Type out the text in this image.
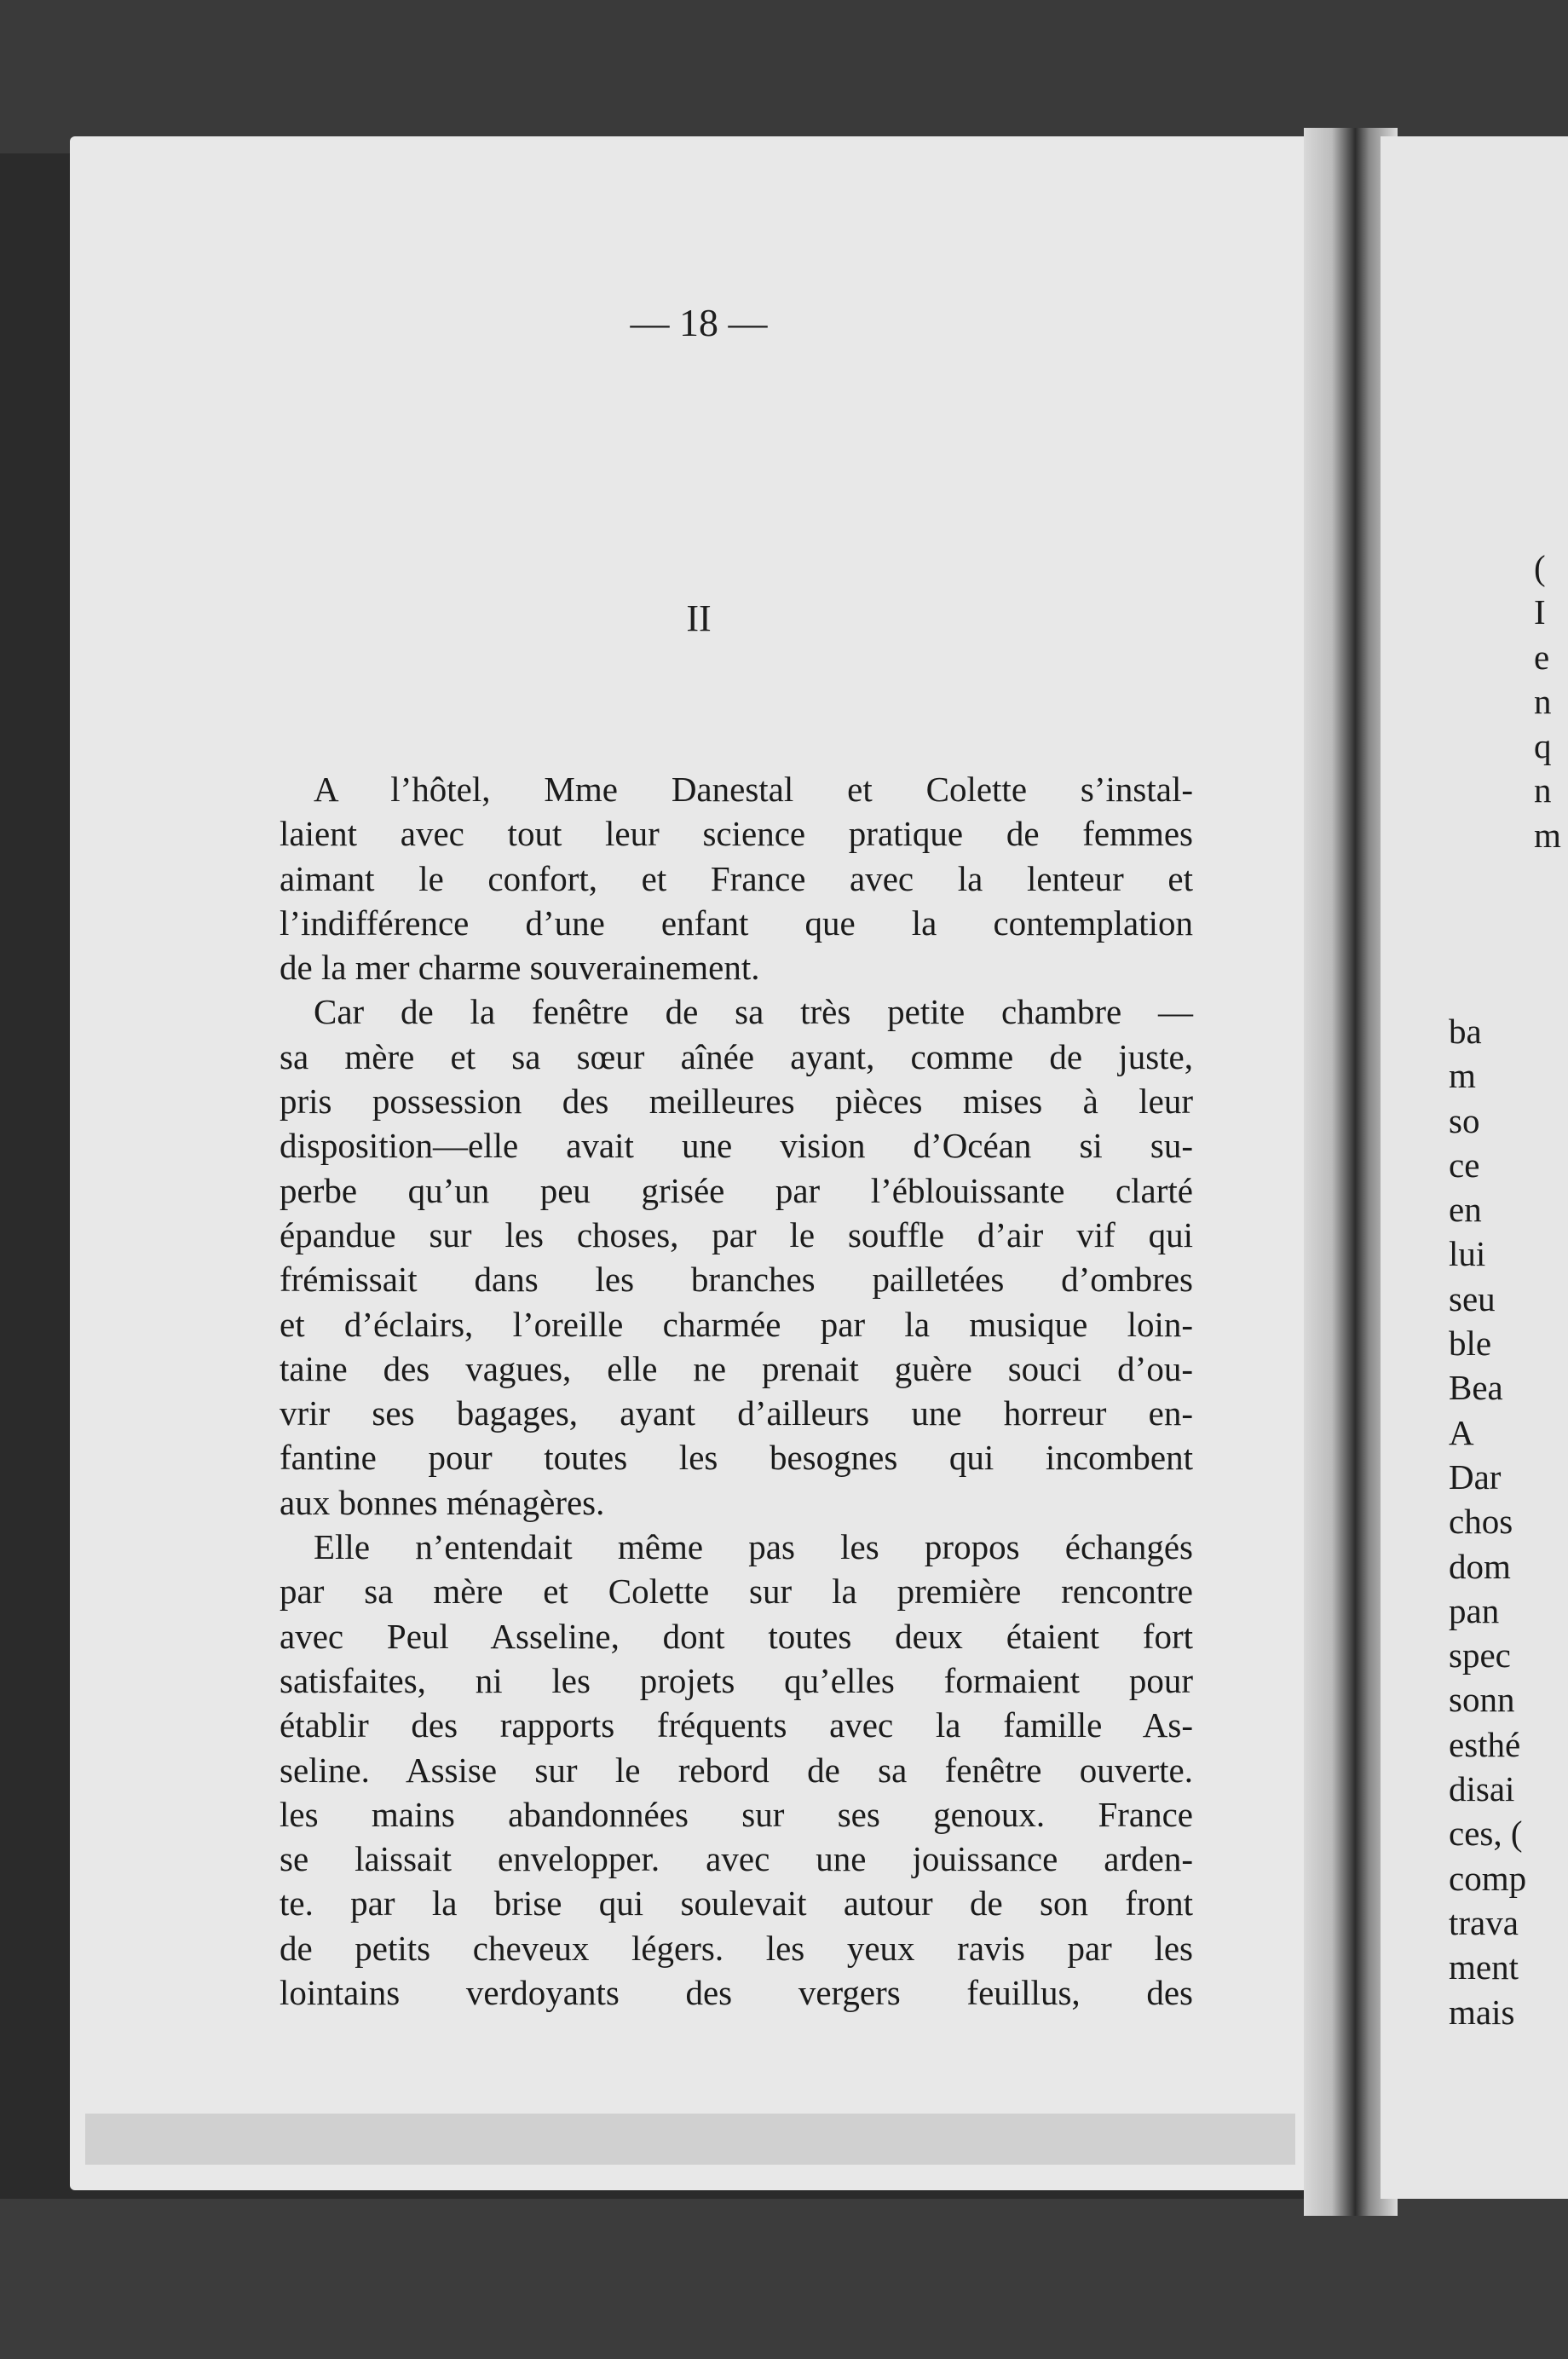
— 18 —
II

A l’hôtel, Mme Danestal et Colette s’instal-
laient avec tout leur science pratique de femmes
aimant le confort, et France avec la lenteur et
l’indifférence d’une enfant que la contemplation
de la mer charme souverainement.

Car de la fenêtre de sa très petite chambre —
sa mère et sa sœur aînée ayant, comme de juste,
pris possession des meilleures pièces mises à leur
disposition—elle avait une vision d’Océan si su-
perbe qu’un peu grisée par l’éblouissante clarté
épandue sur les choses, par le souffle d’air vif qui
frémissait dans les branches pailletées d’ombres
et d’éclairs, l’oreille charmée par la musique loin-
taine des vagues, elle ne prenait guère souci d’ou-
vrir ses bagages, ayant d’ailleurs une horreur en-
fantine pour toutes les besognes qui incombent
aux bonnes ménagères.

Elle n’entendait même pas les propos échangés
par sa mère et Colette sur la première rencontre
avec Peul Asseline, dont toutes deux étaient fort
satisfaites, ni les projets qu’elles formaient pour
établir des rapports fréquents avec la famille As-
seline. Assise sur le rebord de sa fenêtre ouverte.
les mains abandonnées sur ses genoux. France
se laissait envelopper. avec une jouissance arden-
te. par la brise qui soulevait autour de son front
de petits cheveux légers. les yeux ravis par les
lointains verdoyants des vergers feuillus, des

(
I
e
n
q
n
m
ba
m
so
ce
en
lui
seu
ble
Bea
A
Dar
chos
dom
pan
spec
sonn
esthé
disai
ces, (
comp
trava
ment
mais
